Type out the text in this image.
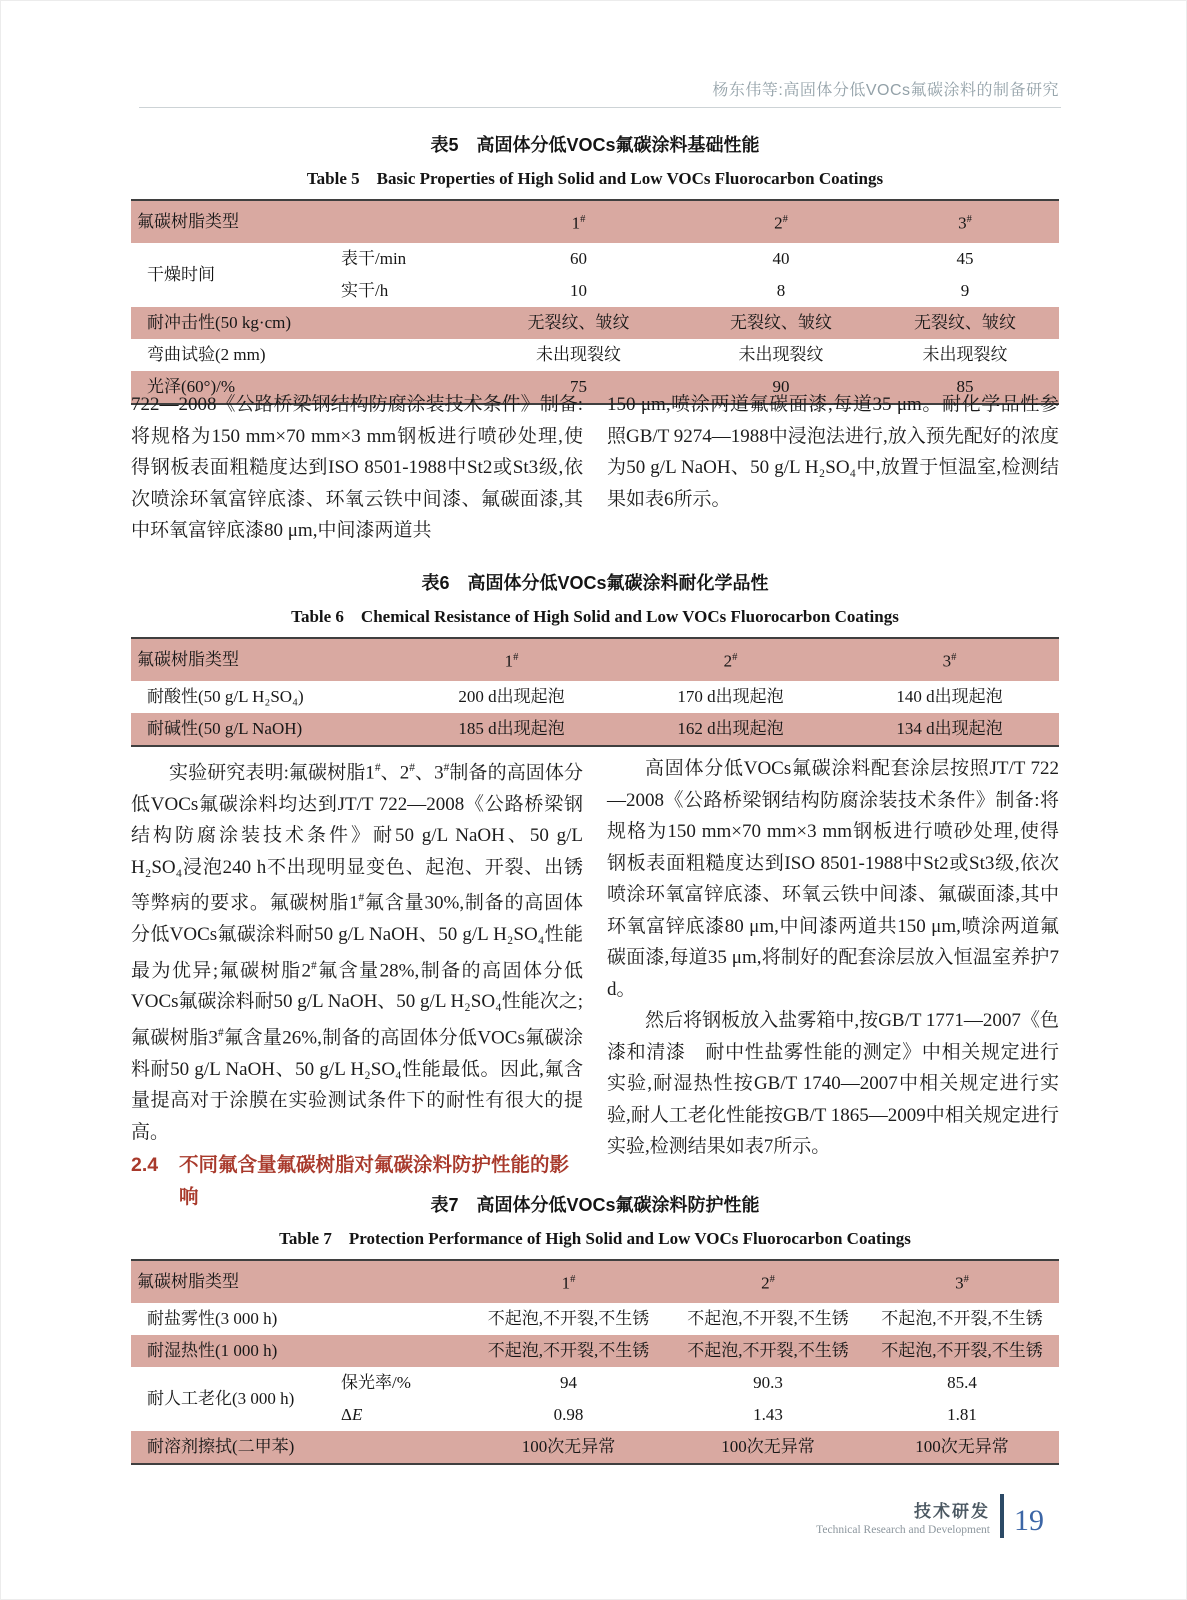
杨东伟等:高固体分低VOCs氟碳涂料的制备研究
表5　高固体分低VOCs氟碳涂料基础性能
Table 5　Basic Properties of High Solid and Low VOCs Fluorocarbon Coatings
氟碳树脂类型		1#	2#	3#
干燥时间	表干/min	60	40	45
	实干/h	10	8	9
耐冲击性(50 kg·cm)		无裂纹、皱纹	无裂纹、皱纹	无裂纹、皱纹
弯曲试验(2 mm)		未出现裂纹	未出现裂纹	未出现裂纹
光泽(60°)/%		75	90	85

722—2008《公路桥梁钢结构防腐涂装技术条件》制备:将规格为150 mm×70 mm×3 mm钢板进行喷砂处理,使得钢板表面粗糙度达到ISO 8501-1988中St2或St3级,依次喷涂环氧富锌底漆、环氧云铁中间漆、氟碳面漆,其中环氧富锌底漆80 μm,中间漆两道共

150 μm,喷涂两道氟碳面漆,每道35 μm。耐化学品性参照GB/T 9274—1988中浸泡法进行,放入预先配好的浓度为50 g/L NaOH、50 g/L H₂SO₄中,放置于恒温室,检测结果如表6所示。

表6　高固体分低VOCs氟碳涂料耐化学品性
Table 6　Chemical Resistance of High Solid and Low VOCs Fluorocarbon Coatings
氟碳树脂类型	1#	2#	3#
耐酸性(50 g/L H₂SO₄)	200 d出现起泡	170 d出现起泡	140 d出现起泡
耐碱性(50 g/L NaOH)	185 d出现起泡	162 d出现起泡	134 d出现起泡

实验研究表明:氟碳树脂1#、2#、3#制备的高固体分低VOCs氟碳涂料均达到JT/T 722—2008《公路桥梁钢结构防腐涂装技术条件》耐50 g/L NaOH、50 g/L H₂SO₄浸泡240 h不出现明显变色、起泡、开裂、出锈等弊病的要求。氟碳树脂1#氟含量30%,制备的高固体分低VOCs氟碳涂料耐50 g/L NaOH、50 g/L H₂SO₄性能最为优异;氟碳树脂2#氟含量28%,制备的高固体分低VOCs氟碳涂料耐50 g/L NaOH、50 g/L H₂SO₄性能次之;氟碳树脂3#氟含量26%,制备的高固体分低VOCs氟碳涂料耐50 g/L NaOH、50 g/L H₂SO₄性能最低。因此,氟含量提高对于涂膜在实验测试条件下的耐性有很大的提高。

2.4	不同氟含量氟碳树脂对氟碳涂料防护性能的影响

高固体分低VOCs氟碳涂料配套涂层按照JT/T 722—2008《公路桥梁钢结构防腐涂装技术条件》制备:将规格为150 mm×70 mm×3 mm钢板进行喷砂处理,使得钢板表面粗糙度达到ISO 8501-1988中St2或St3级,依次喷涂环氧富锌底漆、环氧云铁中间漆、氟碳面漆,其中环氧富锌底漆80 μm,中间漆两道共150 μm,喷涂两道氟碳面漆,每道35 μm,将制好的配套涂层放入恒温室养护7 d。

然后将钢板放入盐雾箱中,按GB/T 1771—2007《色漆和清漆　耐中性盐雾性能的测定》中相关规定进行实验,耐湿热性按GB/T 1740—2007中相关规定进行实验,耐人工老化性能按GB/T 1865—2009中相关规定进行实验,检测结果如表7所示。

表7　高固体分低VOCs氟碳涂料防护性能
Table 7　Protection Performance of High Solid and Low VOCs Fluorocarbon Coatings
氟碳树脂类型		1#	2#	3#
耐盐雾性(3 000 h)		不起泡,不开裂,不生锈	不起泡,不开裂,不生锈	不起泡,不开裂,不生锈
耐湿热性(1 000 h)		不起泡,不开裂,不生锈	不起泡,不开裂,不生锈	不起泡,不开裂,不生锈
耐人工老化(3 000 h)	保光率/%	94	90.3	85.4
	ΔE	0.98	1.43	1.81
耐溶剂擦拭(二甲苯)		100次无异常	100次无异常	100次无异常
技术研发
Technical Research and Development 19
